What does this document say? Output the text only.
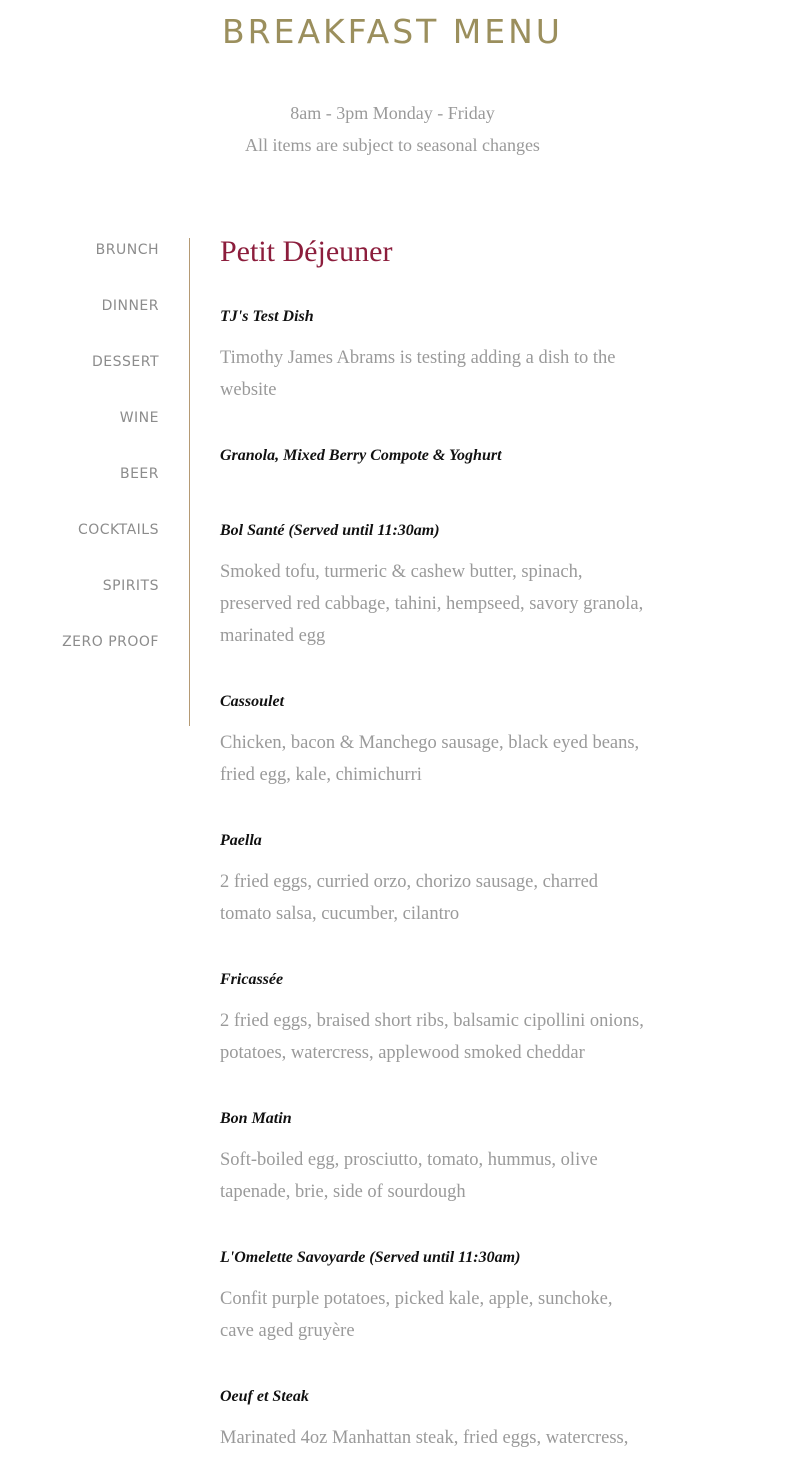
BREAKFAST MENU
8am - 3pm Monday - Friday
All items are subject to seasonal changes
BRUNCH
DINNER
DESSERT
WINE
BEER
COCKTAILS
SPIRITS
ZERO PROOF
Petit Déjeuner
TJ's Test Dish
Timothy James Abrams is testing adding a dish to the website
Granola, Mixed Berry Compote & Yoghurt
Bol Santé (Served until 11:30am)
Smoked tofu, turmeric & cashew butter, spinach, preserved red cabbage, tahini, hempseed, savory granola, marinated egg
Cassoulet
Chicken, bacon & Manchego sausage, black eyed beans, fried egg, kale, chimichurri
Paella
2 fried eggs, curried orzo, chorizo sausage, charred tomato salsa, cucumber, cilantro
Fricassée
2 fried eggs, braised short ribs, balsamic cipollini onions, potatoes, watercress, applewood smoked cheddar
Bon Matin
Soft-boiled egg, prosciutto, tomato, hummus, olive tapenade, brie, side of sourdough
L'Omelette Savoyarde (Served until 11:30am)
Confit purple potatoes, picked kale, apple, sunchoke, cave aged gruyère
Oeuf et Steak
Marinated 4oz Manhattan steak, fried eggs, watercress,
